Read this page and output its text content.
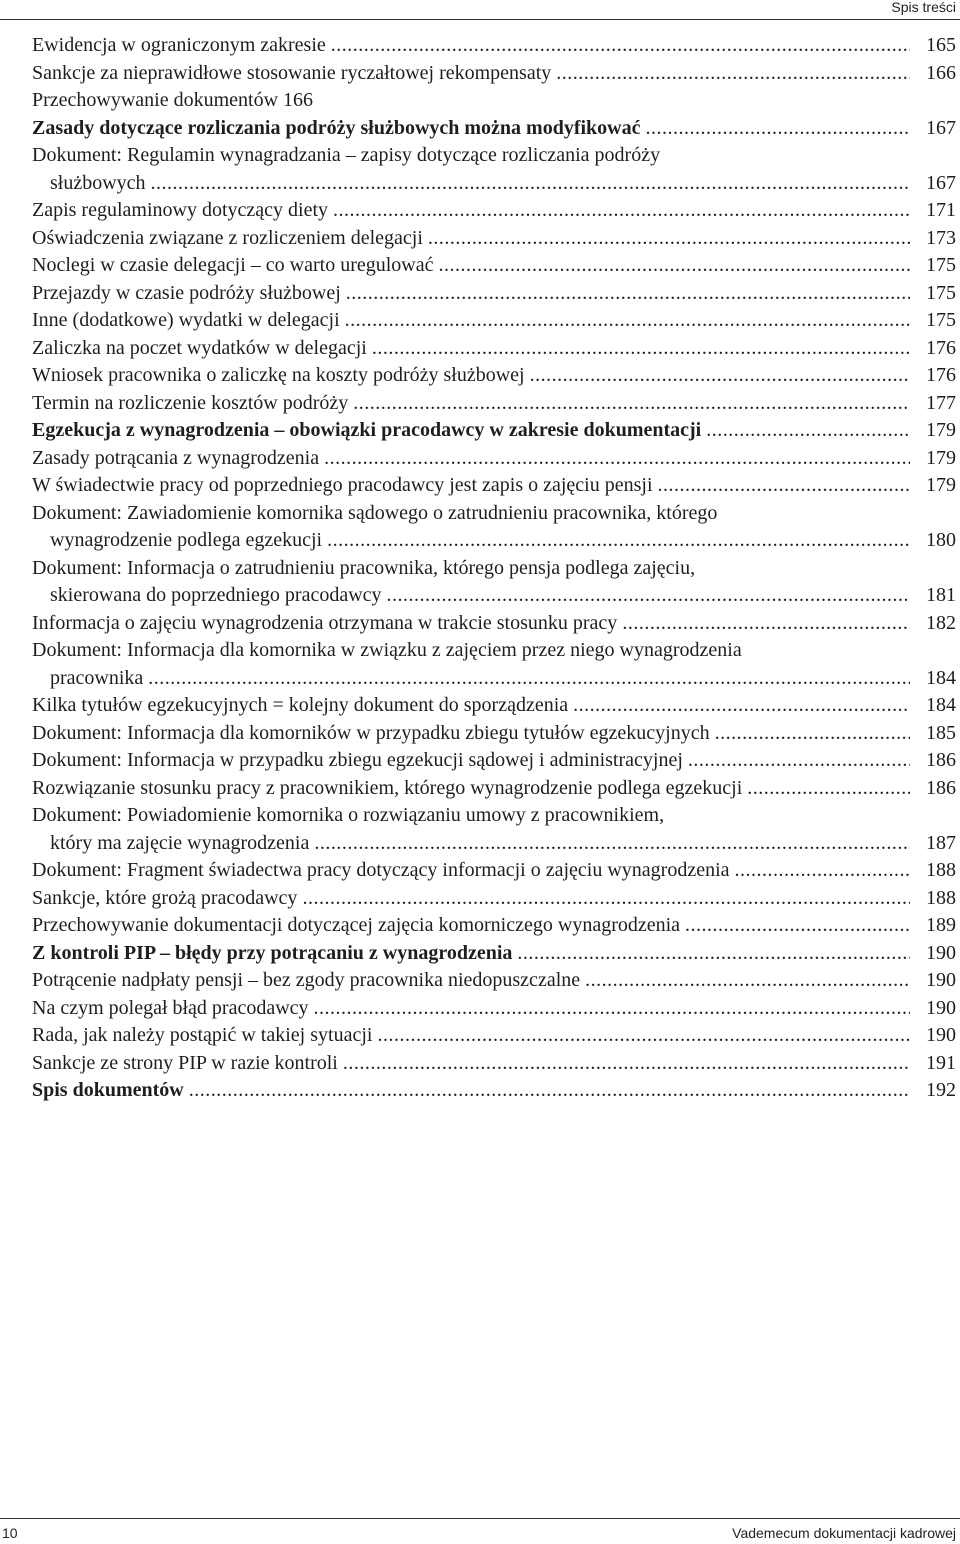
Spis treści
Ewidencja w ograniczonym zakresie .....	165
Sankcje za nieprawidłowe stosowanie ryczałtowej rekompensaty .....	166
Przechowywanie dokumentów 166
Zasady dotyczące rozliczania podróży służbowych można modyfikować .....	167
Dokument: Regulamin wynagradzania – zapisy dotyczące rozliczania podróży
służbowych .....	167
Zapis regulaminowy dotyczący diety .....	171
Oświadczenia związane z rozliczeniem delegacji .....	173
Noclegi w czasie delegacji – co warto uregulować .....	175
Przejazdy w czasie podróży służbowej .....	175
Inne (dodatkowe) wydatki w delegacji .....	175
Zaliczka na poczet wydatków w delegacji .....	176
Wniosek pracownika o zaliczkę na koszty podróży służbowej .....	176
Termin na rozliczenie kosztów podróży .....	177
Egzekucja z wynagrodzenia – obowiązki pracodawcy w zakresie dokumentacji .....	179
Zasady potrącania z wynagrodzenia .....	179
W świadectwie pracy od poprzedniego pracodawcy jest zapis o zajęciu pensji .....	179
Dokument: Zawiadomienie komornika sądowego o zatrudnieniu pracownika, którego
wynagrodzenie podlega egzekucji .....	180
Dokument: Informacja o zatrudnieniu pracownika, którego pensja podlega zajęciu,
skierowana do poprzedniego pracodawcy .....	181
Informacja o zajęciu wynagrodzenia otrzymana w trakcie stosunku pracy .....	182
Dokument: Informacja dla komornika w związku z zajęciem przez niego wynagrodzenia
pracownika .....	184
Kilka tytułów egzekucyjnych = kolejny dokument do sporządzenia .....	184
Dokument: Informacja dla komorników w przypadku zbiegu tytułów egzekucyjnych .....	185
Dokument: Informacja w przypadku zbiegu egzekucji sądowej i administracyjnej .....	186
Rozwiązanie stosunku pracy z pracownikiem, którego wynagrodzenie podlega egzekucji .....	186
Dokument: Powiadomienie komornika o rozwiązaniu umowy z pracownikiem,
który ma zajęcie wynagrodzenia .....	187
Dokument: Fragment świadectwa pracy dotyczący informacji o zajęciu wynagrodzenia .....	188
Sankcje, które grożą pracodawcy .....	188
Przechowywanie dokumentacji dotyczącej zajęcia komorniczego wynagrodzenia .....	189
Z kontroli PIP – błędy przy potrącaniu z wynagrodzenia .....	190
Potrącenie nadpłaty pensji – bez zgody pracownika niedopuszczalne .....	190
Na czym polegał błąd pracodawcy .....	190
Rada, jak należy postąpić w takiej sytuacji .....	190
Sankcje ze strony PIP w razie kontroli .....	191
Spis dokumentów .....	192
10	Vademecum dokumentacji kadrowej
